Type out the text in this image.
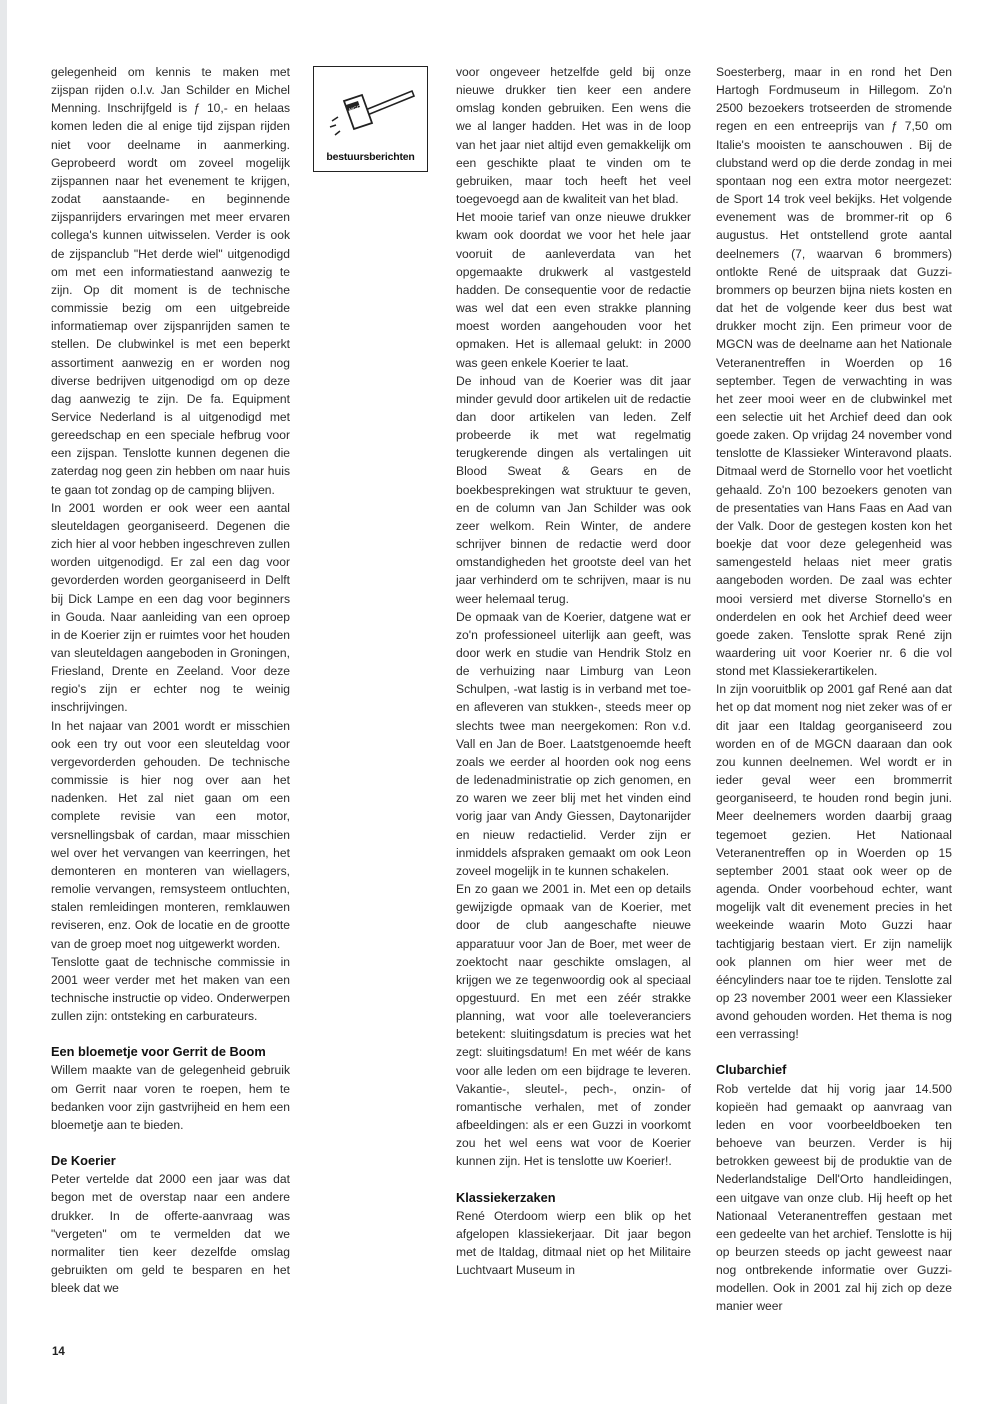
gelegenheid om kennis te maken met zijspan rijden o.l.v. Jan Schilder en Michel Menning. Inschrijfgeld is ƒ 10,- en helaas komen leden die al enige tijd zijspan rijden niet voor deelname in aanmerking. Geprobeerd wordt om zoveel mogelijk zijspannen naar het evenement te krijgen, zodat aanstaande- en beginnende zijspanrijders ervaringen met meer ervaren collega's kunnen uitwisselen. Verder is ook de zijspanclub "Het derde wiel" uitgenodigd om met een informatiestand aanwezig te zijn. Op dit moment is de technische commissie bezig om een uitgebreide informatiemap over zijspanrijden samen te stellen. De clubwinkel is met een beperkt assortiment aanwezig en er worden nog diverse bedrijven uitgenodigd om op deze dag aanwezig te zijn. De fa. Equipment Service Nederland is al uitgenodigd met gereedschap en een speciale hefbrug voor een zijspan. Tenslotte kunnen degenen die zaterdag nog geen zin hebben om naar huis te gaan tot zondag op de camping blijven.

In 2001 worden er ook weer een aantal sleuteldagen georganiseerd. Degenen die zich hier al voor hebben ingeschreven zullen worden uitgenodigd. Er zal een dag voor gevorderden worden georganiseerd in Delft bij Dick Lampe en een dag voor beginners in Gouda. Naar aanleiding van een oproep in de Koerier zijn er ruimtes voor het houden van sleuteldagen aangeboden in Groningen, Friesland, Drente en Zeeland. Voor deze regio's zijn er echter nog te weinig inschrijvingen.

In het najaar van 2001 wordt er misschien ook een try out voor een sleuteldag voor vergevorderden gehouden. De technische commissie is hier nog over aan het nadenken. Het zal niet gaan om een complete revisie van een motor, versnellingsbak of cardan, maar misschien wel over het vervangen van keerringen, het demonteren en monteren van wiellagers, remolie vervangen, remsysteem ontluchten, stalen remleidingen monteren, remklauwen reviseren, enz. Ook de locatie en de grootte van de groep moet nog uitgewerkt worden.

Tenslotte gaat de technische commissie in 2001 weer verder met het maken van een technische instructie op video. Onderwerpen zullen zijn: ontsteking en carburateurs.

Een bloemetje voor Gerrit de Boom

Willem maakte van de gelegenheid gebruik om Gerrit naar voren te roepen, hem te bedanken voor zijn gastvrijheid en hem een bloemetje aan te bieden.

De Koerier

Peter vertelde dat 2000 een jaar was dat begon met de overstap naar een andere drukker. In de offerte-aanvraag was "vergeten" om te vermelden dat we normaliter tien keer dezelfde omslag gebruikten om geld te besparen en het bleek dat we

MGCN
bestuursberichten

voor ongeveer hetzelfde geld bij onze nieuwe drukker tien keer een andere omslag konden gebruiken. Een wens die we al langer hadden. Het was in de loop van het jaar niet altijd even gemakkelijk om een geschikte plaat te vinden om te gebruiken, maar toch heeft het veel toegevoegd aan de kwaliteit van het blad.

Het mooie tarief van onze nieuwe drukker kwam ook doordat we voor het hele jaar vooruit de aanleverdata van het opgemaakte drukwerk al vastgesteld hadden. De consequentie voor de redactie was wel dat een even strakke planning moest worden aangehouden voor het opmaken. Het is allemaal gelukt: in 2000 was geen enkele Koerier te laat.

De inhoud van de Koerier was dit jaar minder gevuld door artikelen uit de redactie dan door artikelen van leden. Zelf probeerde ik met wat regelmatig terugkerende dingen als vertalingen uit Blood Sweat & Gears en de boekbesprekingen wat struktuur te geven, en de column van Jan Schilder was ook zeer welkom. Rein Winter, de andere schrijver binnen de redactie werd door omstandigheden het grootste deel van het jaar verhinderd om te schrijven, maar is nu weer helemaal terug.

De opmaak van de Koerier, datgene wat er zo'n professioneel uiterlijk aan geeft, was door werk en studie van Hendrik Stolz en de verhuizing naar Limburg van Leon Schulpen, -wat lastig is in verband met toe- en afleveren van stukken-, steeds meer op slechts twee man neergekomen: Ron v.d. Vall en Jan de Boer. Laatstgenoemde heeft zoals we eerder al hoorden ook nog eens de ledenadministratie op zich genomen, en zo waren we zeer blij met het vinden eind vorig jaar van Andy Giessen, Daytonarijder en nieuw redactielid. Verder zijn er inmiddels afspraken gemaakt om ook Leon zoveel mogelijk in te kunnen schakelen.

En zo gaan we 2001 in. Met een op details gewijzigde opmaak van de Koerier, met door de club aangeschafte nieuwe apparatuur voor Jan de Boer, met weer de zoektocht naar geschikte omslagen, al krijgen we ze tegenwoordig ook al speciaal opgestuurd. En met een zéér strakke planning, wat voor alle toeleveranciers betekent: sluitingsdatum is precies wat het zegt: sluitingsdatum! En met wéér de kans voor alle leden om een bijdrage te leveren. Vakantie-, sleutel-, pech-, onzin- of romantische verhalen, met of zonder afbeeldingen: als er een Guzzi in voorkomt zou het wel eens wat voor de Koerier kunnen zijn. Het is tenslotte uw Koerier!.

Klassiekerzaken

René Oterdoom wierp een blik op het afgelopen klassiekerjaar. Dit jaar begon met de Italdag, ditmaal niet op het Militaire Luchtvaart Museum in

Soesterberg, maar in en rond het Den Hartogh Fordmuseum in Hillegom. Zo'n 2500 bezoekers trotseerden de stromende regen en een entreeprijs van ƒ 7,50 om Italie's mooisten te aanschouwen . Bij de clubstand werd op die derde zondag in mei spontaan nog een extra motor neergezet: de Sport 14 trok veel bekijks. Het volgende evenement was de brommer-rit op 6 augustus. Het ontstellend grote aantal deelnemers (7, waarvan 6 brommers) ontlokte René de uitspraak dat Guzzi-brommers op beurzen bijna niets kosten en dat het de volgende keer dus best wat drukker mocht zijn. Een primeur voor de MGCN was de deelname aan het Nationale Veteranentreffen in Woerden op 16 september. Tegen de verwachting in was het zeer mooi weer en de clubwinkel met een selectie uit het Archief deed dan ook goede zaken. Op vrijdag 24 november vond tenslotte de Klassieker Winteravond plaats. Ditmaal werd de Stornello voor het voetlicht gehaald. Zo'n 100 bezoekers genoten van de presentaties van Hans Faas en Aad van der Valk. Door de gestegen kosten kon het boekje dat voor deze gelegenheid was samengesteld helaas niet meer gratis aangeboden worden. De zaal was echter mooi versierd met diverse Stornello's en onderdelen en ook het Archief deed weer goede zaken. Tenslotte sprak René zijn waardering uit voor Koerier nr. 6 die vol stond met Klassiekerartikelen.

In zijn vooruitblik op 2001 gaf René aan dat het op dat moment nog niet zeker was of er dit jaar een Italdag georganiseerd zou worden en of de MGCN daaraan dan ook zou kunnen deelnemen. Wel wordt er in ieder geval weer een brommerrit georganiseerd, te houden rond begin juni. Meer deelnemers worden daarbij graag tegemoet gezien. Het Nationaal Veteranentreffen op in Woerden op 15 september 2001 staat ook weer op de agenda. Onder voorbehoud echter, want mogelijk valt dit evenement precies in het weekeinde waarin Moto Guzzi haar tachtigjarig bestaan viert. Er zijn namelijk ook plannen om hier weer met de ééncylinders naar toe te rijden. Tenslotte zal op 23 november 2001 weer een Klassieker avond gehouden worden. Het thema is nog een verrassing!

Clubarchief

Rob vertelde dat hij vorig jaar 14.500 kopieën had gemaakt op aanvraag van leden en voor voorbeeldboeken ten behoeve van beurzen. Verder is hij betrokken geweest bij de produktie van de Nederlandstalige Dell'Orto handleidingen, een uitgave van onze club. Hij heeft op het Nationaal Veteranentreffen gestaan met een gedeelte van het archief. Tenslotte is hij op beurzen steeds op jacht geweest naar nog ontbrekende informatie over Guzzi-modellen. Ook in 2001 zal hij zich op deze manier weer

14
